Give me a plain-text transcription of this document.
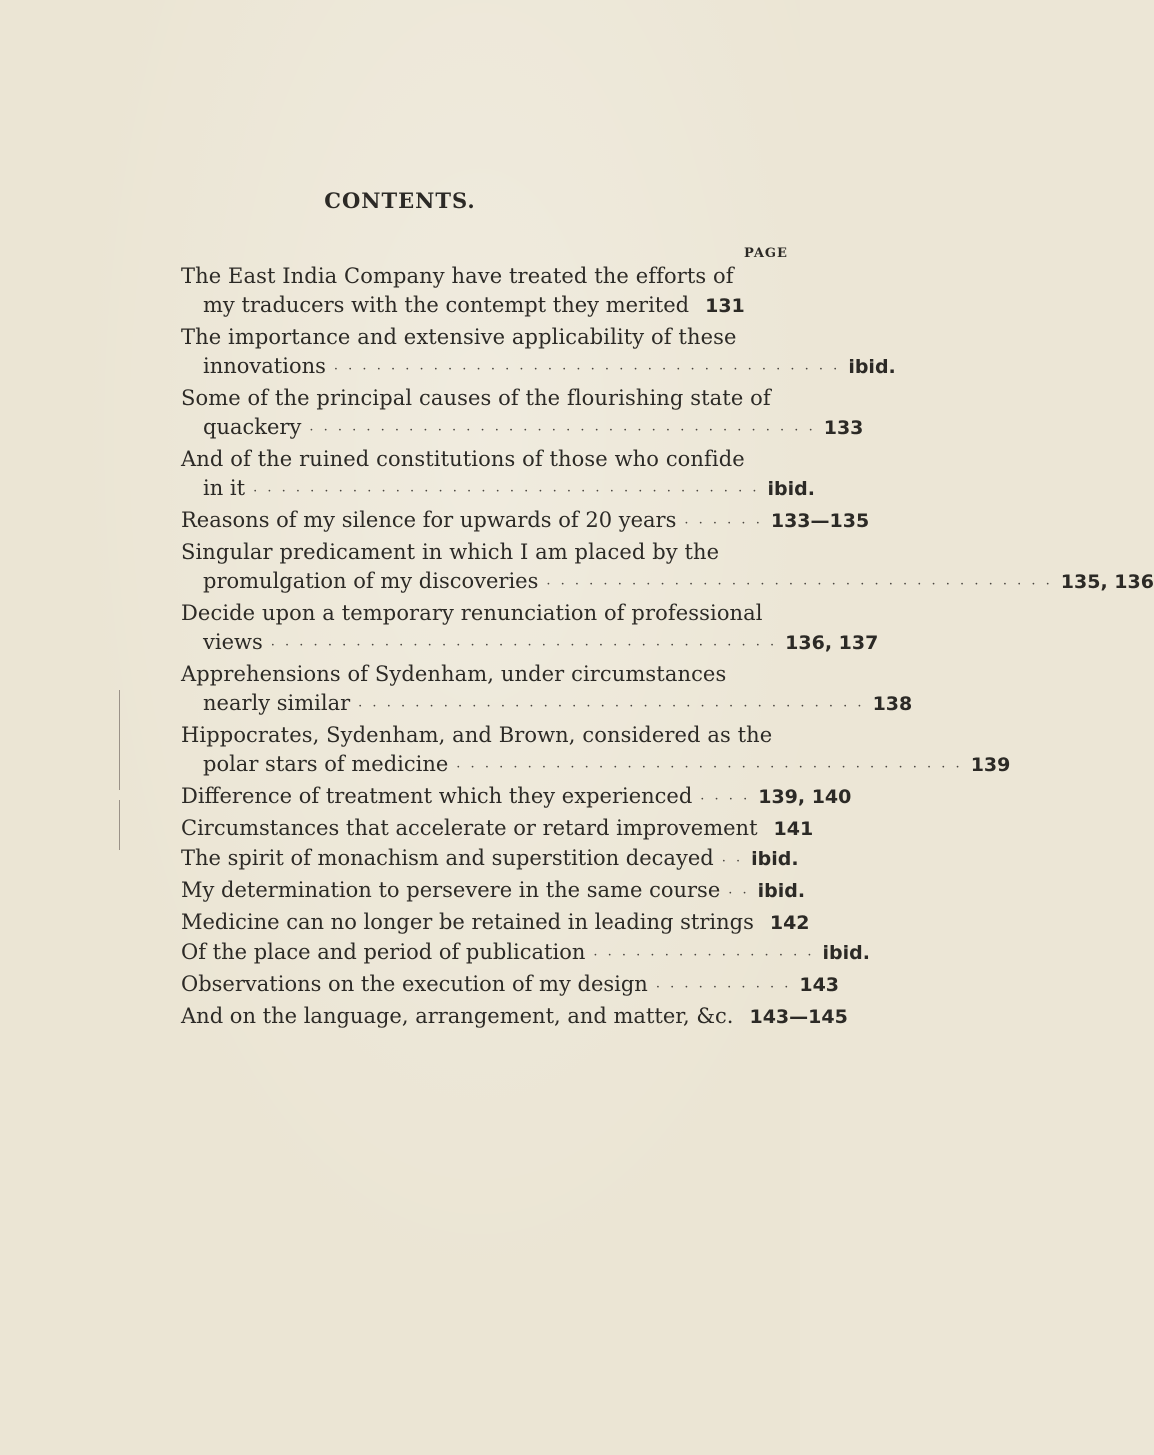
CONTENTS.
PAGE
The East India Company have treated the efforts of
my traducers with the contempt they merited 131
The importance and extensive applicability of these
innovations · · · · · · · · · · · · · · · · · · · · · · · · · · · · · · · · · · · · ibid.
Some of the principal causes of the flourishing state of
quackery · · · · · · · · · · · · · · · · · · · · · · · · · · · · · · · · · · · · 133
And of the ruined constitutions of those who confide
in it · · · · · · · · · · · · · · · · · · · · · · · · · · · · · · · · · · · · ibid.
Reasons of my silence for upwards of 20 years · · · · · · 133—135
Singular predicament in which I am placed by the
promulgation of my discoveries · · · · · · · · · · · · · · · · · · · · · · · · · · · · · · · · · · · · 135, 136
Decide upon a temporary renunciation of professional
views · · · · · · · · · · · · · · · · · · · · · · · · · · · · · · · · · · · · 136, 137
Apprehensions of Sydenham, under circumstances
nearly similar · · · · · · · · · · · · · · · · · · · · · · · · · · · · · · · · · · · · 138
Hippocrates, Sydenham, and Brown, considered as the
polar stars of medicine · · · · · · · · · · · · · · · · · · · · · · · · · · · · · · · · · · · · 139
Difference of treatment which they experienced · · · · 139, 140
Circumstances that accelerate or retard improvement 141
The spirit of monachism and superstition decayed · · ibid.
My determination to persevere in the same course · · ibid.
Medicine can no longer be retained in leading strings 142
Of the place and period of publication · · · · · · · · · · · · · · · · ibid.
Observations on the execution of my design · · · · · · · · · · 143
And on the language, arrangement, and matter, &c. 143—145
